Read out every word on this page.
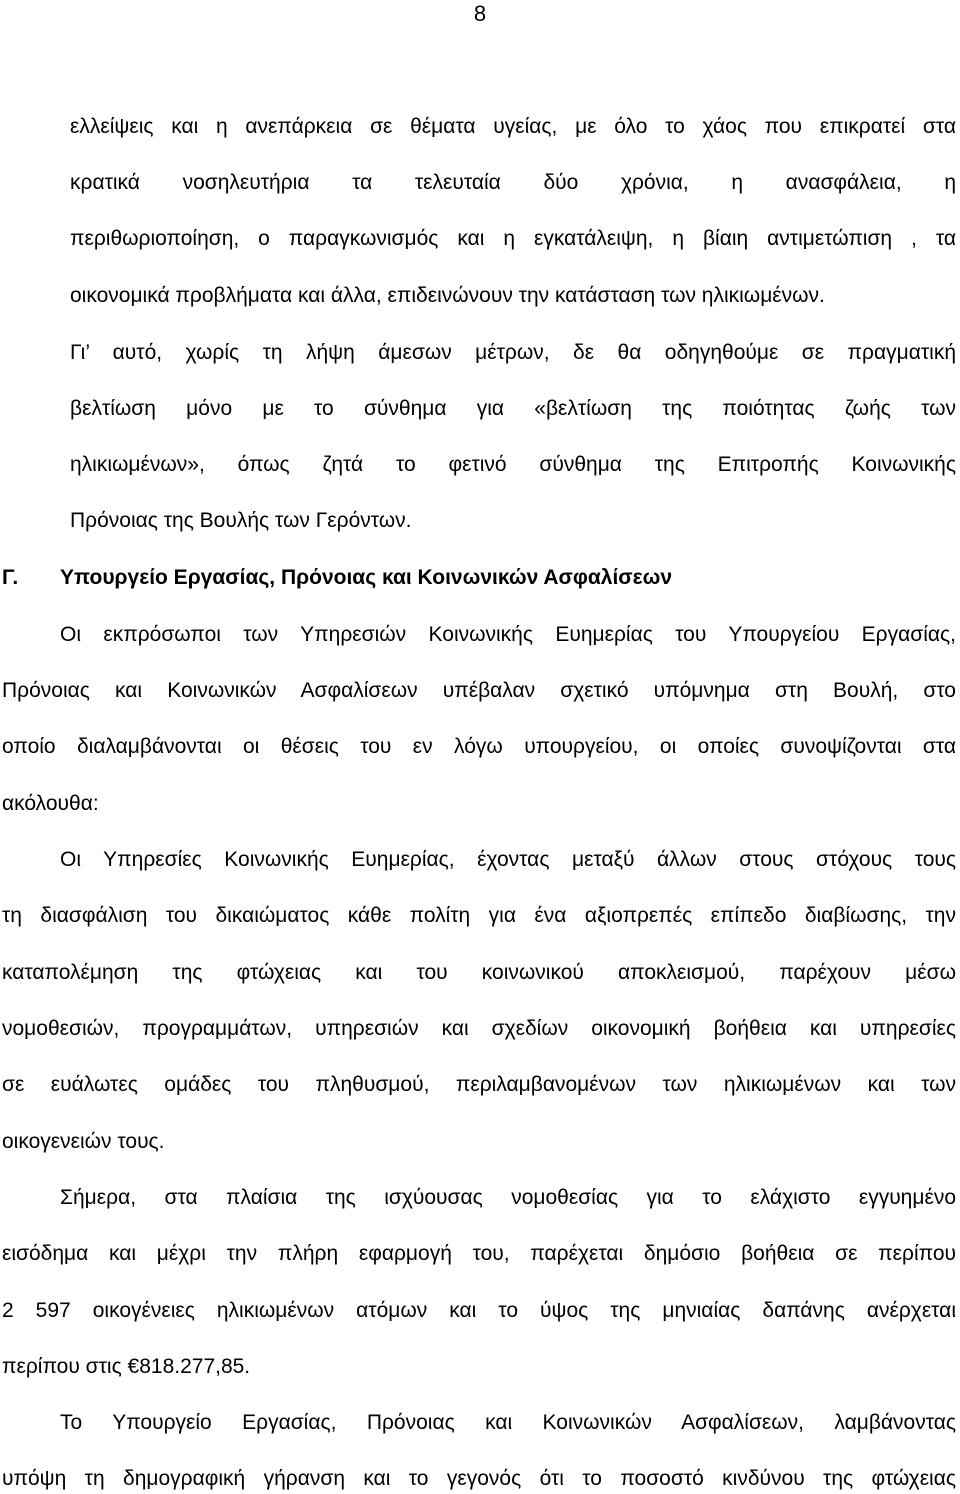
8
ελλείψεις και η ανεπάρκεια σε θέματα υγείας, με όλο το χάος που επικρατεί στα
κρατικά νοσηλευτήρια τα τελευταία δύο χρόνια, η ανασφάλεια, η
περιθωριοποίηση, ο παραγκωνισμός και η εγκατάλειψη, η βίαιη αντιμετώπιση , τα
οικονομικά προβλήματα και άλλα, επιδεινώνουν την κατάσταση των ηλικιωμένων.
Γι’ αυτό, χωρίς τη λήψη άμεσων μέτρων, δε θα οδηγηθούμε σε πραγματική
βελτίωση μόνο με το σύνθημα για «βελτίωση της ποιότητας ζωής των
ηλικιωμένων», όπως ζητά το φετινό σύνθημα της Επιτροπής Κοινωνικής
Πρόνοιας της Βουλής των Γερόντων.
Γ. Υπουργείο Εργασίας, Πρόνοιας και Κοινωνικών Ασφαλίσεων
Οι εκπρόσωποι των Υπηρεσιών Κοινωνικής Ευημερίας του Υπουργείου Εργασίας,
Πρόνοιας και Κοινωνικών Ασφαλίσεων υπέβαλαν σχετικό υπόμνημα στη Βουλή, στο
οποίο διαλαμβάνονται οι θέσεις του εν λόγω υπουργείου, οι οποίες συνοψίζονται στα
ακόλουθα:
Οι Υπηρεσίες Κοινωνικής Ευημερίας, έχοντας μεταξύ άλλων στους στόχους τους
τη διασφάλιση του δικαιώματος κάθε πολίτη για ένα αξιοπρεπές επίπεδο διαβίωσης, την
καταπολέμηση της φτώχειας και του κοινωνικού αποκλεισμού, παρέχουν μέσω
νομοθεσιών, προγραμμάτων, υπηρεσιών και σχεδίων οικονομική βοήθεια και υπηρεσίες
σε ευάλωτες ομάδες του πληθυσμού, περιλαμβανομένων των ηλικιωμένων και των
οικογενειών τους.
Σήμερα, στα πλαίσια της ισχύουσας νομοθεσίας για το ελάχιστο εγγυημένο
εισόδημα και μέχρι την πλήρη εφαρμογή του, παρέχεται δημόσιο βοήθεια σε περίπου
2 597 οικογένειες ηλικιωμένων ατόμων και το ύψος της μηνιαίας δαπάνης ανέρχεται
περίπου στις €818.277,85.
Το Υπουργείο Εργασίας, Πρόνοιας και Κοινωνικών Ασφαλίσεων, λαμβάνοντας
υπόψη τη δημογραφική γήρανση και το γεγονός ότι το ποσοστό κινδύνου της φτώχειας
